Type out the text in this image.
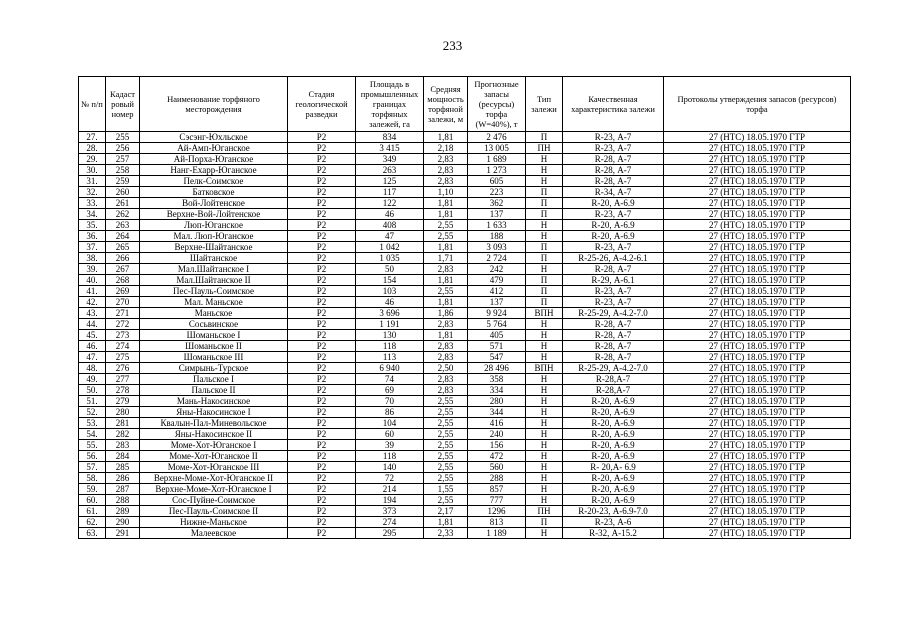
233
№ п/п	Кадаст ровый номер	Наименование торфяного месторождения	Стадия геологической разведки	Площадь в промышленных границах торфяных залежей, га	Средняя мощность торфяной залежи, м	Прогнозные запасы (ресурсы) торфа (W=40%), т	Тип залежи	Качественная характеристика залежи	Протоколы утверждения запасов (ресурсов) торфа
27.	255	Сэсэнг-Юхльское	P2	834	1,81	2 476	П	R-23, А-7	27 (НТС) 18.05.1970 ГТР
28.	256	Ай-Амп-Юганское	P2	3 415	2,18	13 005	ПН	R-23, А-7	27 (НТС) 18.05.1970 ГТР
29.	257	Ай-Порха-Юганское	P2	349	2,83	1 689	Н	R-28, А-7	27 (НТС) 18.05.1970 ГТР
30.	258	Нанг-Ехарр-Юганское	P2	263	2,83	1 273	Н	R-28, А-7	27 (НТС) 18.05.1970 ГТР
31.	259	Пелк-Соимское	P2	125	2,83	605	Н	R-28, А-7	27 (НТС) 18.05.1970 ГТР
32.	260	Батковское	P2	117	1,10	223	П	R-34, А-7	27 (НТС) 18.05.1970 ГТР
33.	261	Вой-Лойтенское	P2	122	1,81	362	П	R-20, А-6.9	27 (НТС) 18.05.1970 ГТР
34.	262	Верхне-Вой-Лойтенское	P2	46	1,81	137	П	R-23, А-7	27 (НТС) 18.05.1970 ГТР
35.	263	Люп-Юганское	P2	408	2,55	1 633	Н	R-20, А-6.9	27 (НТС) 18.05.1970 ГТР
36.	264	Мал. Люп-Юганское	P2	47	2,55	188	Н	R-20, А-6.9	27 (НТС) 18.05.1970 ГТР
37.	265	Верхне-Шайтанское	P2	1 042	1,81	3 093	П	R-23, А-7	27 (НТС) 18.05.1970 ГТР
38.	266	Шайтанское	P2	1 035	1,71	2 724	П	R-25-26, А-4.2-6.1	27 (НТС) 18.05.1970 ГТР
39.	267	Мал.Шайтанское I	P2	50	2,83	242	Н	R-28, А-7	27 (НТС) 18.05.1970 ГТР
40.	268	Мал.Шайтанское II	P2	154	1,81	479	П	R-29, А-6.1	27 (НТС) 18.05.1970 ГТР
41.	269	Пес-Пауль-Соимское	P2	103	2,55	412	П	R-23, А-7	27 (НТС) 18.05.1970 ГТР
42.	270	Мал. Маньское	P2	46	1,81	137	П	R-23, А-7	27 (НТС) 18.05.1970 ГТР
43.	271	Маньское	P2	3 696	1,86	9 924	ВПН	R-25-29, А-4.2-7.0	27 (НТС) 18.05.1970 ГТР
44.	272	Сосьвинское	P2	1 191	2,83	5 764	Н	R-28, А-7	27 (НТС) 18.05.1970 ГТР
45.	273	Шоманьское I	P2	130	1,81	405	Н	R-28, А-7	27 (НТС) 18.05.1970 ГТР
46.	274	Шоманьское II	P2	118	2,83	571	Н	R-28, А-7	27 (НТС) 18.05.1970 ГТР
47.	275	Шоманьское III	P2	113	2,83	547	Н	R-28, А-7	27 (НТС) 18.05.1970 ГТР
48.	276	Симрынь-Турское	P2	6 940	2,50	28 496	ВПН	R-25-29, А-4.2-7.0	27 (НТС) 18.05.1970 ГТР
49.	277	Пальское I	P2	74	2,83	358	Н	R-28,А-7	27 (НТС) 18.05.1970 ГТР
50.	278	Пальское II	P2	69	2,83	334	Н	R-28,А-7	27 (НТС) 18.05.1970 ГТР
51.	279	Мань-Накосинское	P2	70	2,55	280	Н	R-20, А-6.9	27 (НТС) 18.05.1970 ГТР
52.	280	Яны-Накосинское I	P2	86	2,55	344	Н	R-20, А-6.9	27 (НТС) 18.05.1970 ГТР
53.	281	Квалын-Пал-Миневольское	P2	104	2,55	416	Н	R-20, А-6.9	27 (НТС) 18.05.1970 ГТР
54.	282	Яны-Накосинское II	P2	60	2,55	240	Н	R-20, А-6.9	27 (НТС) 18.05.1970 ГТР
55.	283	Моме-Хот-Юганское I	P2	39	2,55	156	Н	R-20, А-6.9	27 (НТС) 18.05.1970 ГТР
56.	284	Моме-Хот-Юганское II	P2	118	2,55	472	Н	R-20, А-6.9	27 (НТС) 18.05.1970 ГТР
57.	285	Моме-Хот-Юганское III	P2	140	2,55	560	Н	R- 20,А- 6.9	27 (НТС) 18.05.1970 ГТР
58.	286	Верхне-Моме-Хот-Юганское II	P2	72	2,55	288	Н	R-20, А-6.9	27 (НТС) 18.05.1970 ГТР
59.	287	Верхне-Моме-Хот-Юганское I	P2	214	1,55	857	Н	R-20, А-6.9	27 (НТС) 18.05.1970 ГТР
60.	288	Сос-Пуйне-Соимское	P2	194	2,55	777	Н	R-20, А-6.9	27 (НТС) 18.05.1970 ГТР
61.	289	Пес-Пауль-Соимское II	P2	373	2,17	1296	ПН	R-20-23, А-6.9-7.0	27 (НТС) 18.05.1970 ГТР
62.	290	Нижне-Маньское	P2	274	1,81	813	П	R-23, А-6	27 (НТС) 18.05.1970 ГТР
63.	291	Малеевское	P2	295	2,33	1 189	Н	R-32, А-15.2	27 (НТС) 18.05.1970 ГТР
